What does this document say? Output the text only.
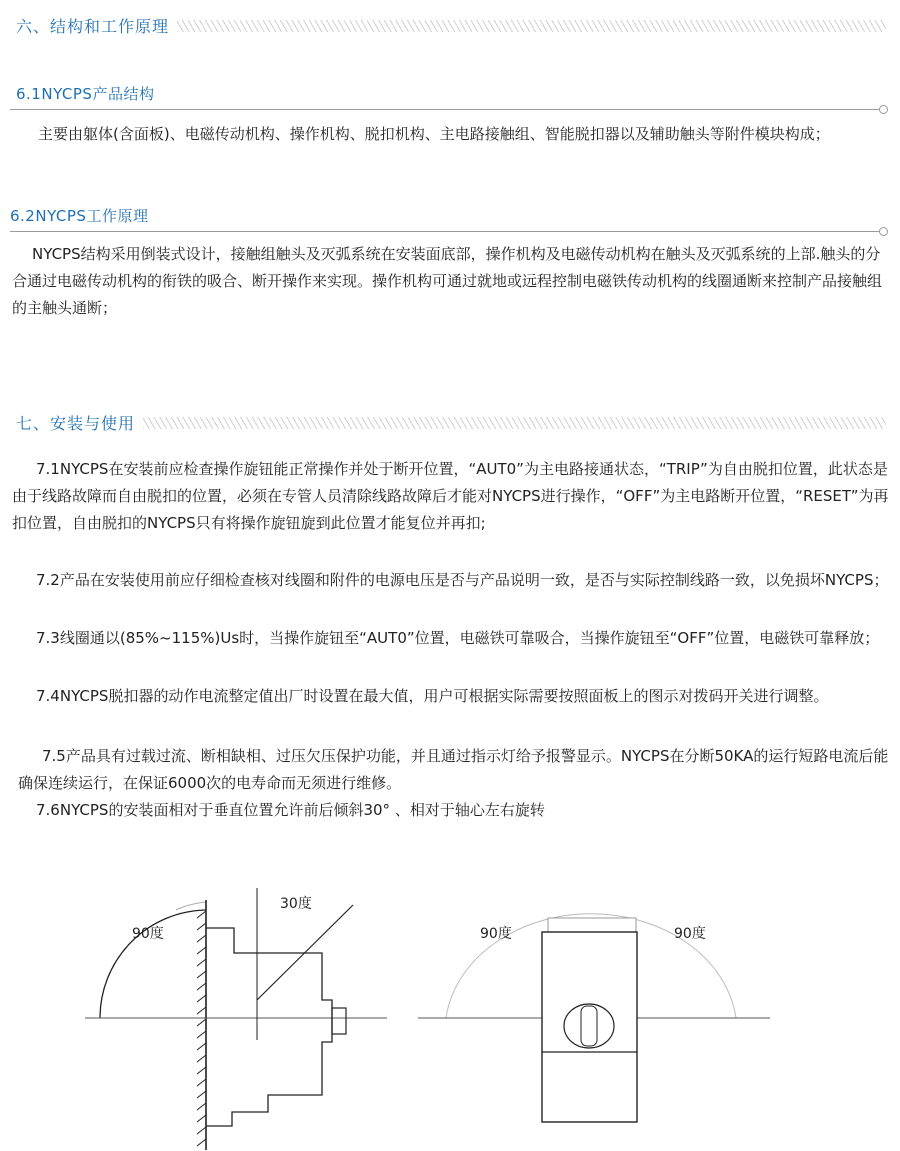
六、结构和工作原理
6.1NYCPS产品结构

主要由躯体(含面板)、电磁传动机构、操作机构、脱扣机构、主电路接触组、智能脱扣器以及辅助触头等附件模块构成；

6.2NYCPS工作原理

NYCPS结构采用倒装式设计，接触组触头及灭弧系统在安装面底部，操作机构及电磁传动机构在触头及灭弧系统的上部.触头的分合通过电磁传动机构的衔铁的吸合、断开操作来实现。操作机构可通过就地或远程控制电磁铁传动机构的线圈通断来控制产品接触组的主触头通断；

七、安装与使用

7.1NYCPS在安装前应检查操作旋钮能正常操作并处于断开位置，“AUT0”为主电路接通状态，“TRIP”为自由脱扣位置，此状态是由于线路故障而自由脱扣的位置，必须在专管人员清除线路故障后才能对NYCPS进行操作，“OFF”为主电路断开位置，“RESET”为再扣位置，自由脱扣的NYCPS只有将操作旋钮旋到此位置才能复位并再扣;

7.2产品在安装使用前应仔细检查核对线圈和附件的电源电压是否与产品说明一致，是否与实际控制线路一致，以免损坏NYCPS；

7.3线圈通以(85%~115%)Us时，当操作旋钮至“AUT0”位置，电磁铁可靠吸合，当操作旋钮至“OFF”位置，电磁铁可靠释放；

7.4NYCPS脱扣器的动作电流整定值出厂时设置在最大值，用户可根据实际需要按照面板上的图示对拨码开关进行调整。

7.5产品具有过载过流、断相缺相、过压欠压保护功能，并且通过指示灯给予报警显示。NYCPS在分断50KA的运行短路电流后能确保连续运行，在保证6000次的电寿命而无须进行维修。

7.6NYCPS的安装面相对于垂直位置允许前后倾斜30° 、相对于轴心左右旋转

30度
90度	90度	90度
